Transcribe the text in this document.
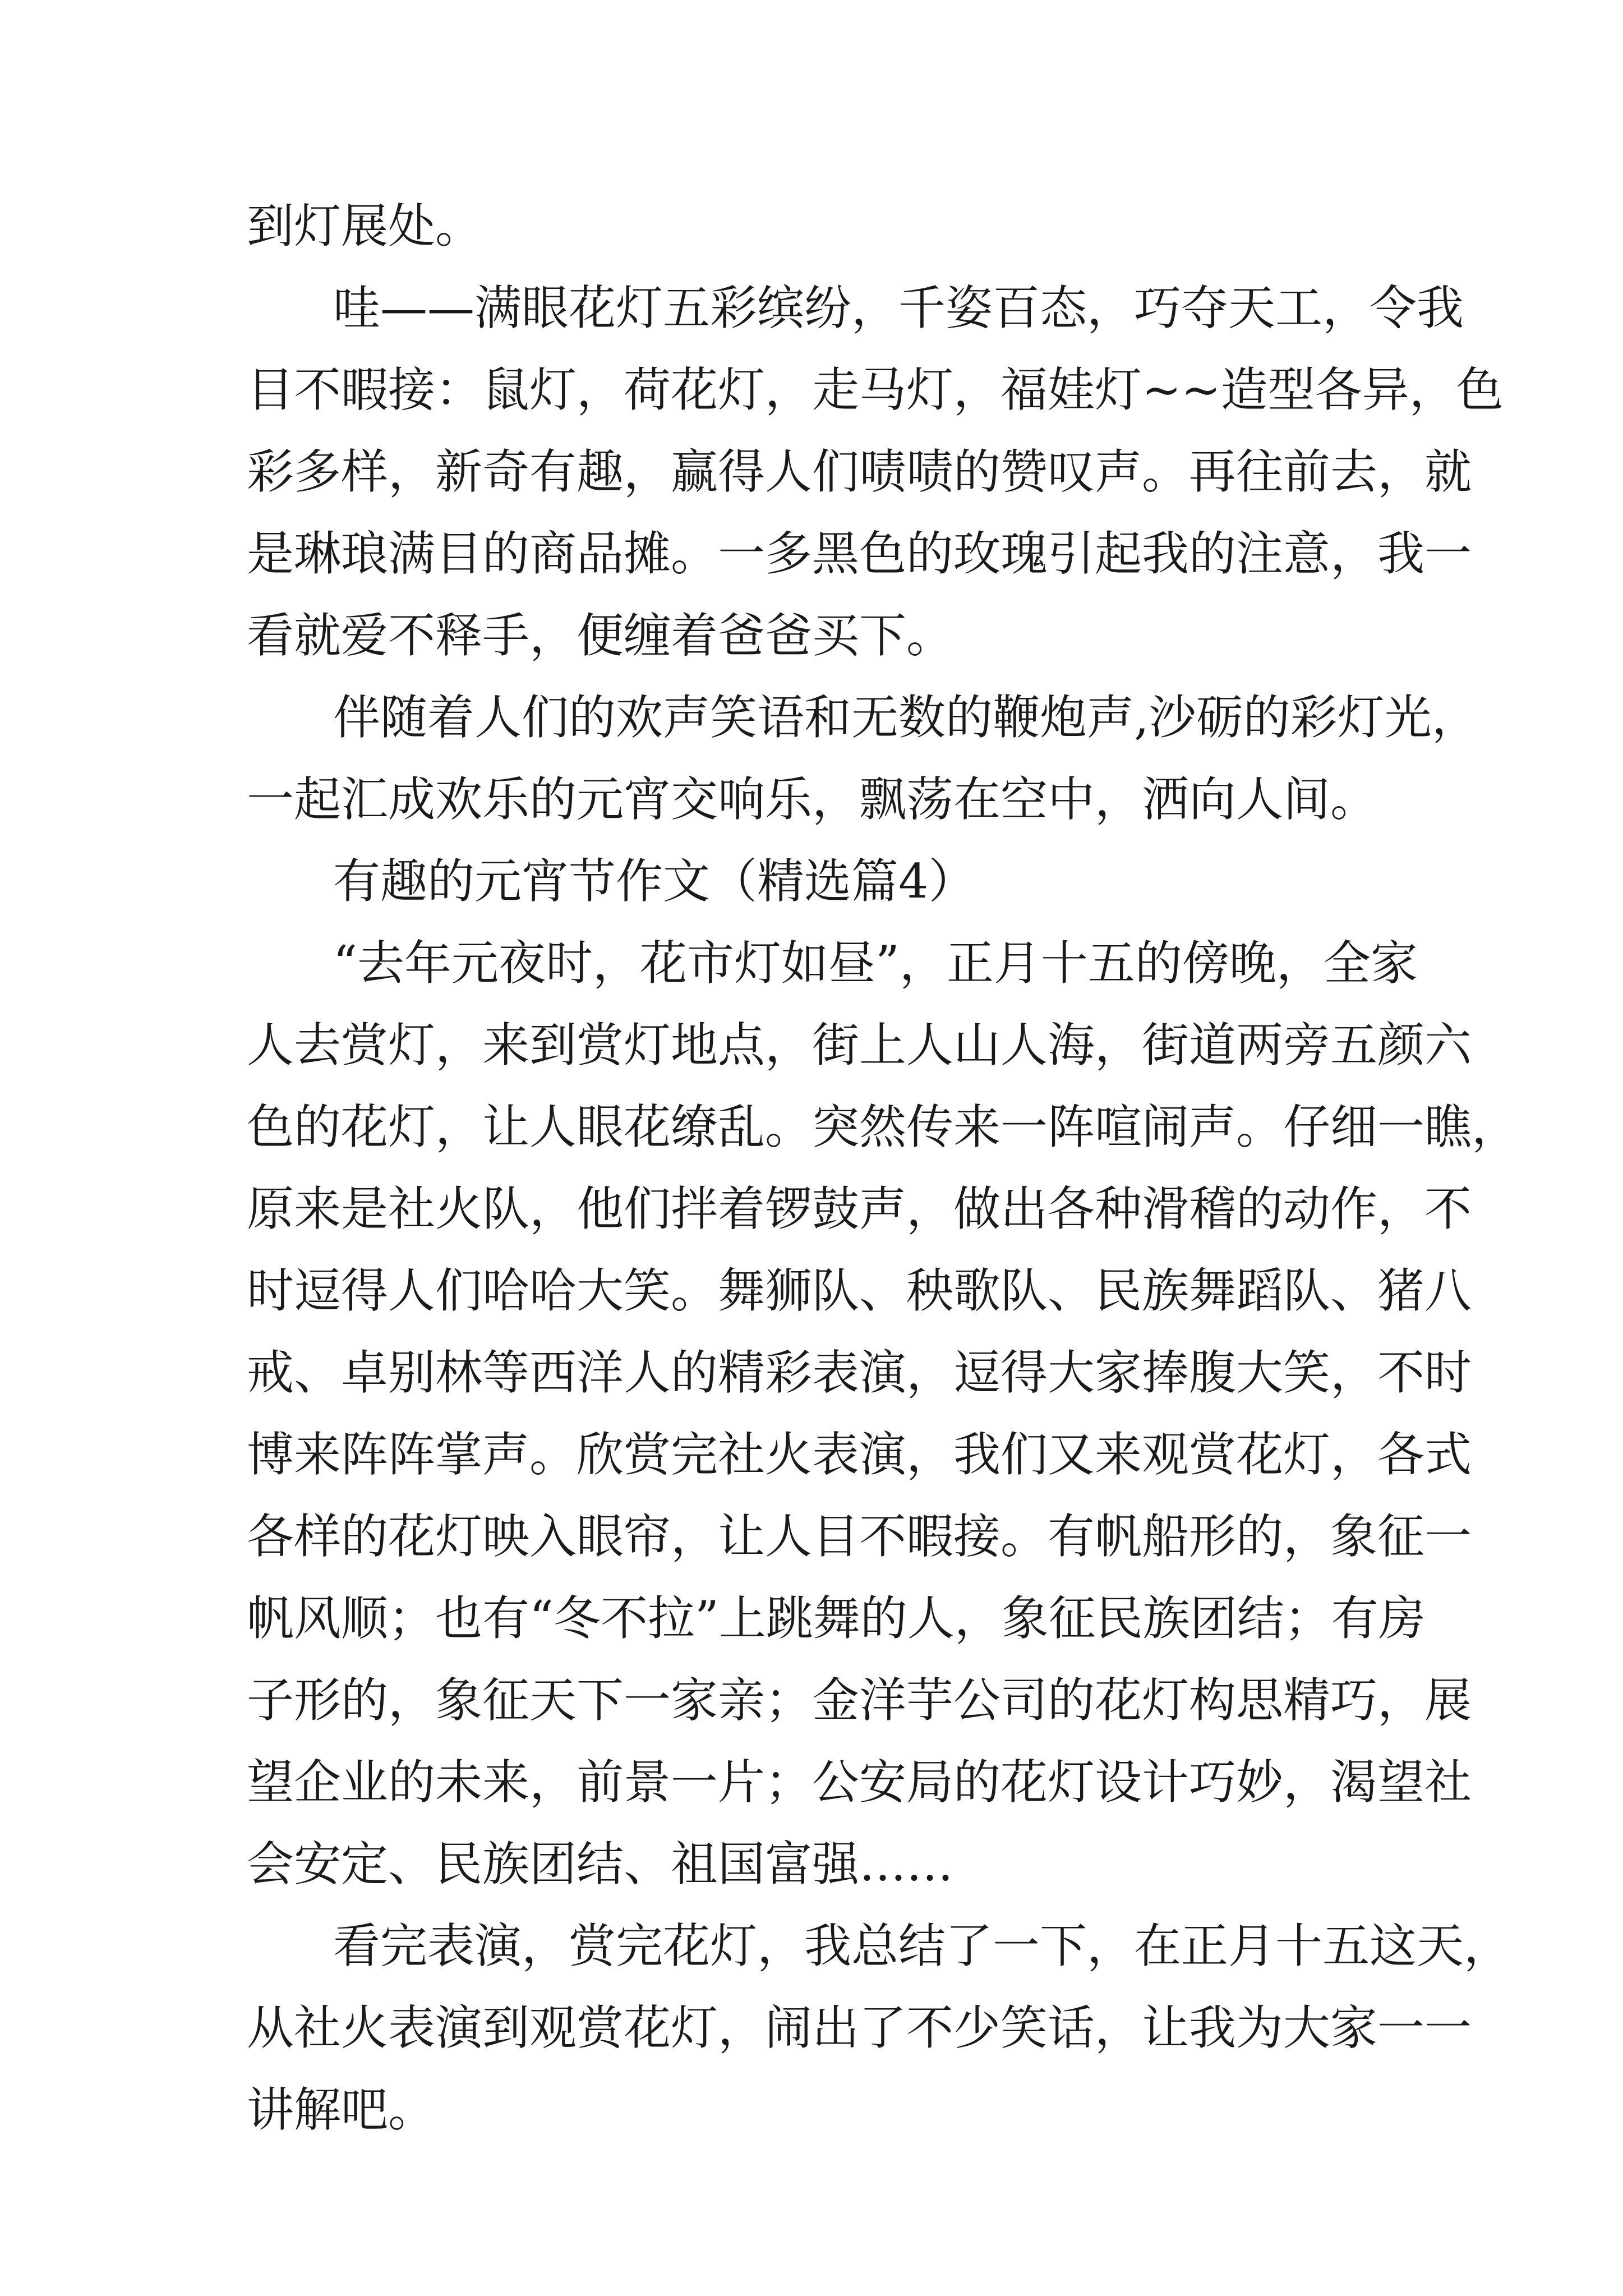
到灯展处。
哇——满眼花灯五彩缤纷，千姿百态，巧夺天工，令我
目不暇接：鼠灯，荷花灯，走马灯，福娃灯~~造型各异，色
彩多样，新奇有趣，赢得人们啧啧的赞叹声。再往前去，就
是琳琅满目的商品摊。一多黑色的玫瑰引起我的注意，我一
看就爱不释手，便缠着爸爸买下。
伴随着人们的欢声笑语和无数的鞭炮声,沙砺的彩灯光，
一起汇成欢乐的元宵交响乐，飘荡在空中，洒向人间。
有趣的元宵节作文（精选篇4）
“去年元夜时，花市灯如昼”，正月十五的傍晚，全家
人去赏灯，来到赏灯地点，街上人山人海，街道两旁五颜六
色的花灯，让人眼花缭乱。突然传来一阵喧闹声。仔细一瞧，
原来是社火队，他们拌着锣鼓声，做出各种滑稽的动作，不
时逗得人们哈哈大笑。舞狮队、秧歌队、民族舞蹈队、猪八
戒、卓别林等西洋人的精彩表演，逗得大家捧腹大笑，不时
博来阵阵掌声。欣赏完社火表演，我们又来观赏花灯，各式
各样的花灯映入眼帘，让人目不暇接。有帆船形的，象征一
帆风顺；也有“冬不拉”上跳舞的人，象征民族团结；有房
子形的，象征天下一家亲；金洋芋公司的花灯构思精巧，展
望企业的未来，前景一片；公安局的花灯设计巧妙，渴望社
会安定、民族团结、祖国富强……
看完表演，赏完花灯，我总结了一下，在正月十五这天，
从社火表演到观赏花灯，闹出了不少笑话，让我为大家一一
讲解吧。
